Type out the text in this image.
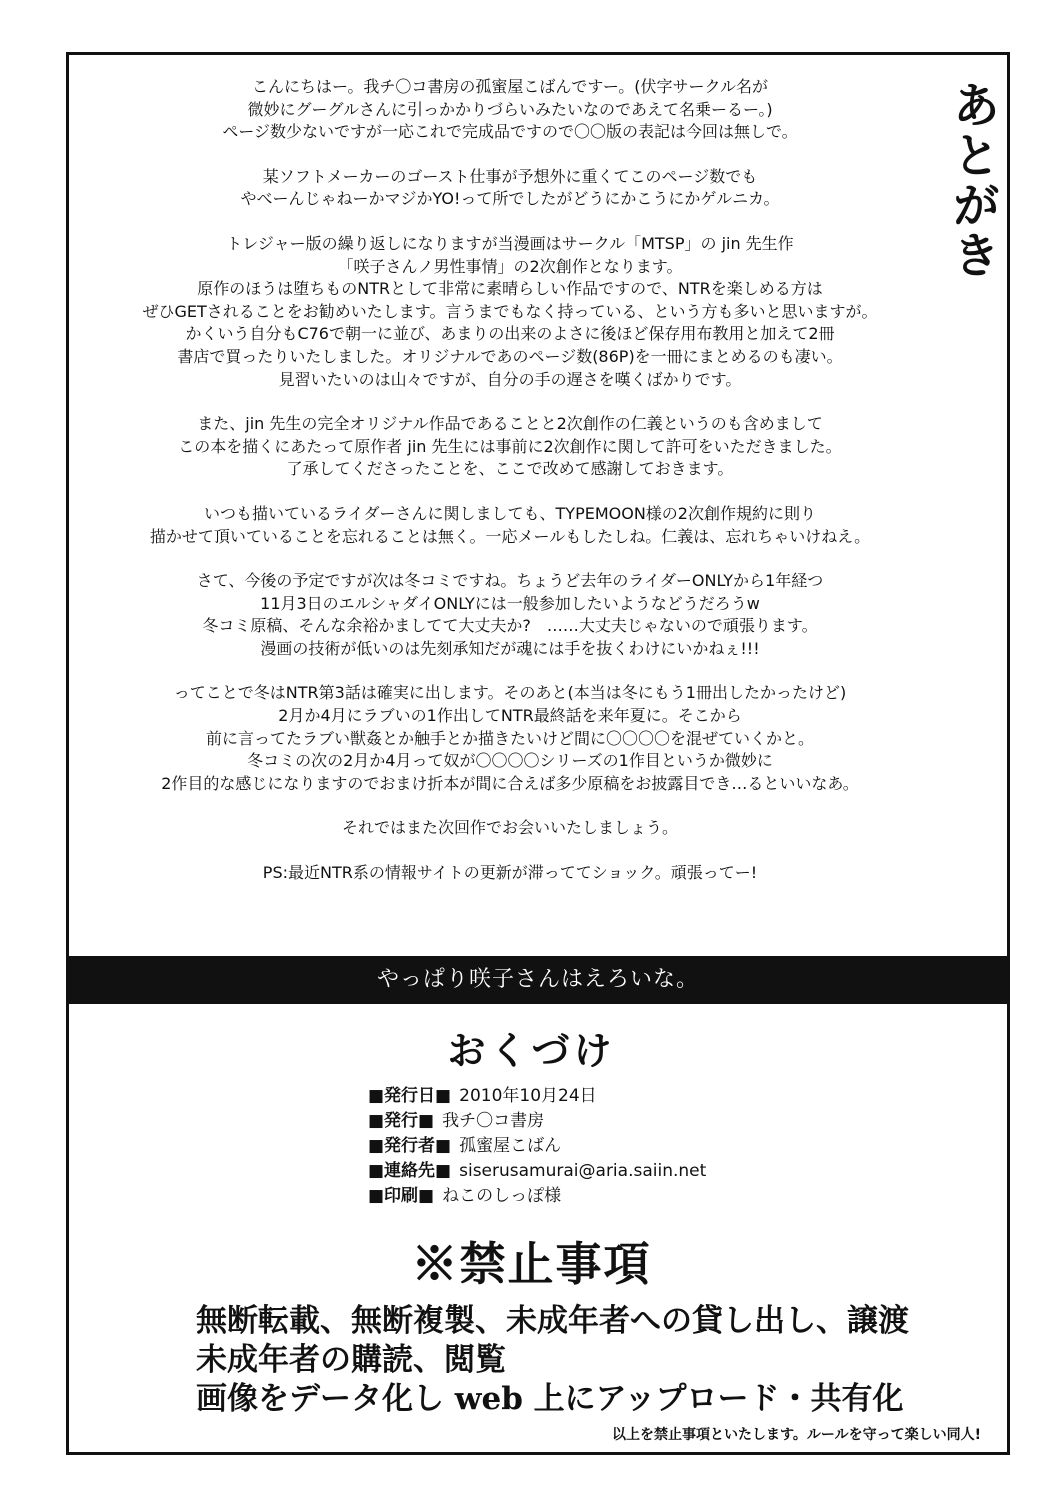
あとがき

こんにちはー。我チ〇コ書房の孤蜜屋こばんですー。(伏字サークル名が
微妙にグーグルさんに引っかかりづらいみたいなのであえて名乗ーるー。)
ページ数少ないですが一応これで完成品ですので〇〇版の表記は今回は無しで。

某ソフトメーカーのゴースト仕事が予想外に重くてこのページ数でも
やべーんじゃねーかマジかYO!って所でしたがどうにかこうにかゲルニカ。

トレジャー版の繰り返しになりますが当漫画はサークル「MTSP」の jin 先生作
「咲子さんノ男性事情」の2次創作となります。
原作のほうは堕ちものNTRとして非常に素晴らしい作品ですので、NTRを楽しめる方は
ぜひGETされることをお勧めいたします。言うまでもなく持っている、という方も多いと思いますが。
かくいう自分もC76で朝一に並び、あまりの出来のよさに後ほど保存用布教用と加えて2冊
書店で買ったりいたしました。オリジナルであのページ数(86P)を一冊にまとめるのも凄い。
見習いたいのは山々ですが、自分の手の遅さを嘆くばかりです。

また、jin 先生の完全オリジナル作品であることと2次創作の仁義というのも含めまして
この本を描くにあたって原作者 jin 先生には事前に2次創作に関して許可をいただきました。
了承してくださったことを、ここで改めて感謝しておきます。

いつも描いているライダーさんに関しましても、TYPEMOON様の2次創作規約に則り
描かせて頂いていることを忘れることは無く。一応メールもしたしね。仁義は、忘れちゃいけねえ。

さて、今後の予定ですが次は冬コミですね。ちょうど去年のライダーONLYから1年経つ
11月3日のエルシャダイONLYには一般参加したいようなどうだろうw
冬コミ原稿、そんな余裕かましてて大丈夫か?　……大丈夫じゃないので頑張ります。
漫画の技術が低いのは先刻承知だが魂には手を抜くわけにいかねぇ!!!

ってことで冬はNTR第3話は確実に出します。そのあと(本当は冬にもう1冊出したかったけど)
2月か4月にラブいの1作出してNTR最終話を来年夏に。そこから
前に言ってたラブい獣姦とか触手とか描きたいけど間に〇〇〇〇を混ぜていくかと。
冬コミの次の2月か4月って奴が〇〇〇〇シリーズの1作目というか微妙に
2作目的な感じになりますのでおまけ折本が間に合えば多少原稿をお披露目でき…るといいなあ。

それではまた次回作でお会いいたしましょう。

PS:最近NTR系の情報サイトの更新が滞っててショック。頑張ってー!

やっぱり咲子さんはえろいな。
おくづけ
■発行日■ 2010年10月24日
■発行■ 我チ〇コ書房
■発行者■ 孤蜜屋こばん
■連絡先■ siserusamurai@aria.saiin.net
■印刷■ ねこのしっぽ様
※禁止事項
無断転載、無断複製、未成年者への貸し出し、譲渡
未成年者の購読、閲覧
画像をデータ化し web 上にアップロード・共有化
以上を禁止事項といたします。ルールを守って楽しい同人!
